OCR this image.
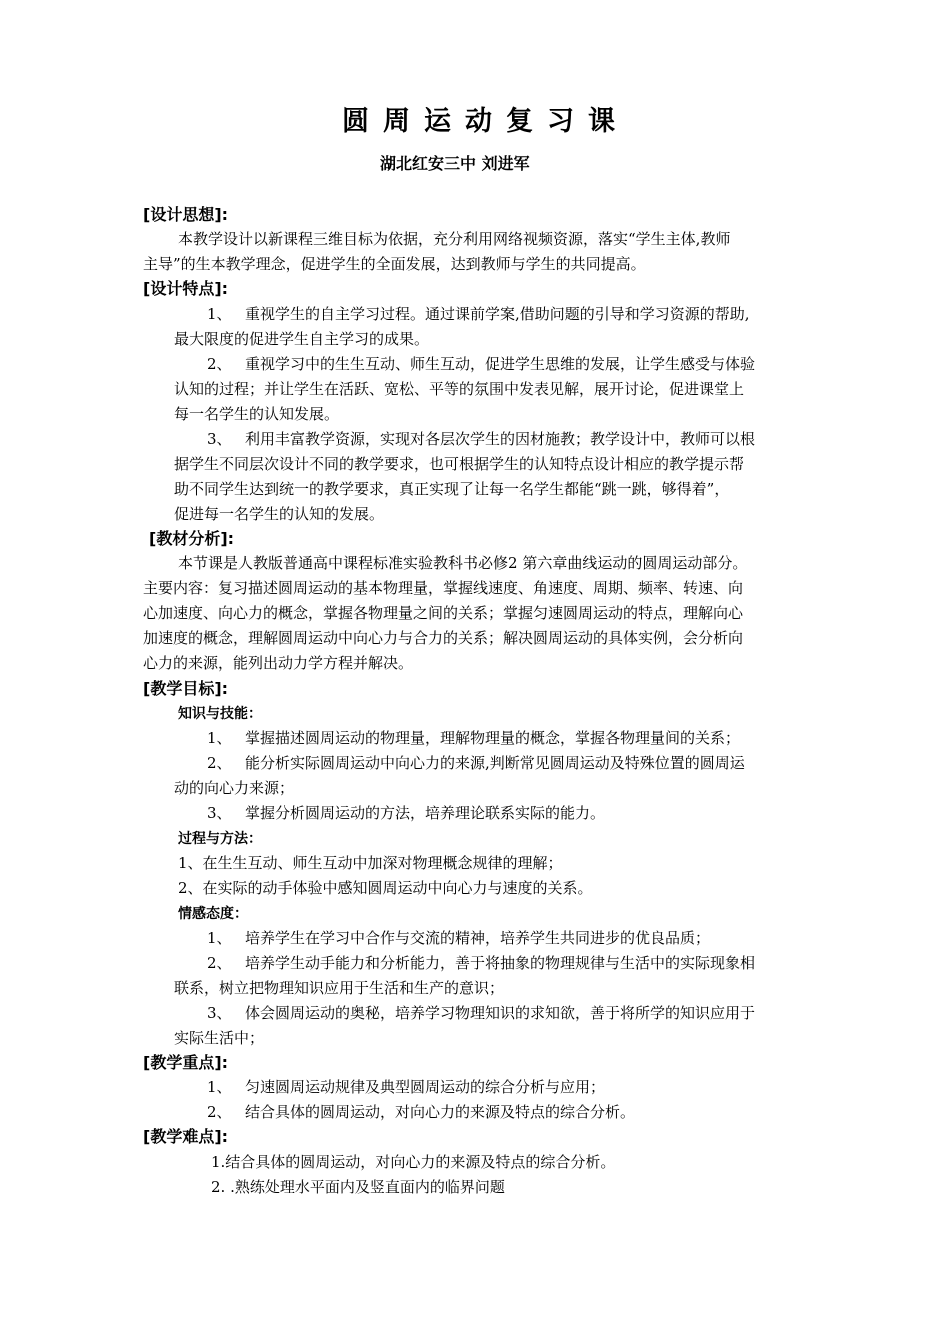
圆周运动复习课
湖北红安三中 刘进军
[设计思想]:
本教学设计以新课程三维目标为依据，充分利用网络视频资源，落实“学生主体,教师
主导”的生本教学理念，促进学生的全面发展，达到教师与学生的共同提高。
[设计特点]:
1、 重视学生的自主学习过程。通过课前学案,借助问题的引导和学习资源的帮助,
最大限度的促进学生自主学习的成果。
2、 重视学习中的生生互动、师生互动，促进学生思维的发展，让学生感受与体验
认知的过程；并让学生在活跃、宽松、平等的氛围中发表见解，展开讨论，促进课堂上
每一名学生的认知发展。
3、 利用丰富教学资源，实现对各层次学生的因材施教；教学设计中，教师可以根
据学生不同层次设计不同的教学要求，也可根据学生的认知特点设计相应的教学提示帮
助不同学生达到统一的教学要求，真正实现了让每一名学生都能“跳一跳，够得着”，
促进每一名学生的认知的发展。
[教材分析]:
本节课是人教版普通高中课程标准实验教科书必修2 第六章曲线运动的圆周运动部分。
主要内容：复习描述圆周运动的基本物理量，掌握线速度、角速度、周期、频率、转速、向
心加速度、向心力的概念，掌握各物理量之间的关系；掌握匀速圆周运动的特点，理解向心
加速度的概念，理解圆周运动中向心力与合力的关系；解决圆周运动的具体实例，会分析向
心力的来源，能列出动力学方程并解决。
[教学目标]:
知识与技能：
1、 掌握描述圆周运动的物理量，理解物理量的概念，掌握各物理量间的关系；
2、 能分析实际圆周运动中向心力的来源,判断常见圆周运动及特殊位置的圆周运
动的向心力来源；
3、 掌握分析圆周运动的方法，培养理论联系实际的能力。
过程与方法：
1、在生生互动、师生互动中加深对物理概念规律的理解；
2、在实际的动手体验中感知圆周运动中向心力与速度的关系。
情感态度：
1、 培养学生在学习中合作与交流的精神，培养学生共同进步的优良品质；
2、 培养学生动手能力和分析能力，善于将抽象的物理规律与生活中的实际现象相
联系，树立把物理知识应用于生活和生产的意识；
3、 体会圆周运动的奥秘，培养学习物理知识的求知欲，善于将所学的知识应用于
实际生活中；
[教学重点]:
1、 匀速圆周运动规律及典型圆周运动的综合分析与应用；
2、 结合具体的圆周运动，对向心力的来源及特点的综合分析。
[教学难点]:
1.结合具体的圆周运动，对向心力的来源及特点的综合分析。
2. .熟练处理水平面内及竖直面内的临界问题
